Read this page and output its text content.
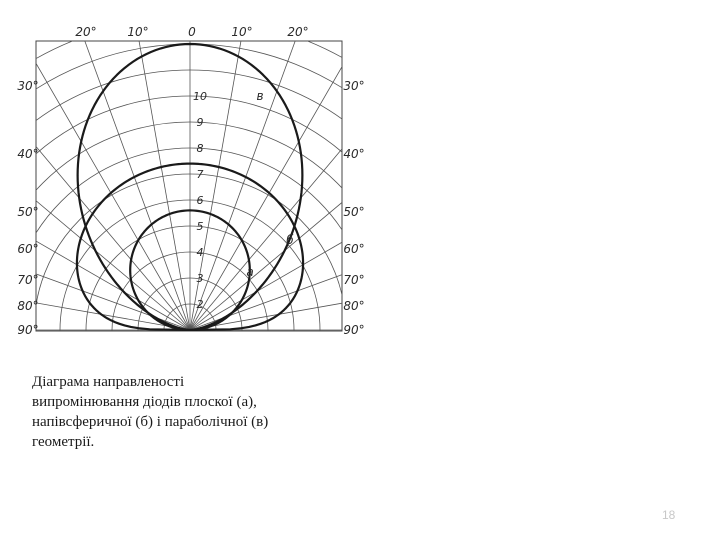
20°	10°	0	10°	20°
30°
40°
50°
60°
70°
80°
90°
30°
40°
50°
60°
70°
80°
90°
2
3
4
5
6
7
8
9
10
а
б
в
Діаграма направленості
випромінювання діодів плоскої (а),
напівсферичної (б) і параболічної (в)
геометрії.
18
